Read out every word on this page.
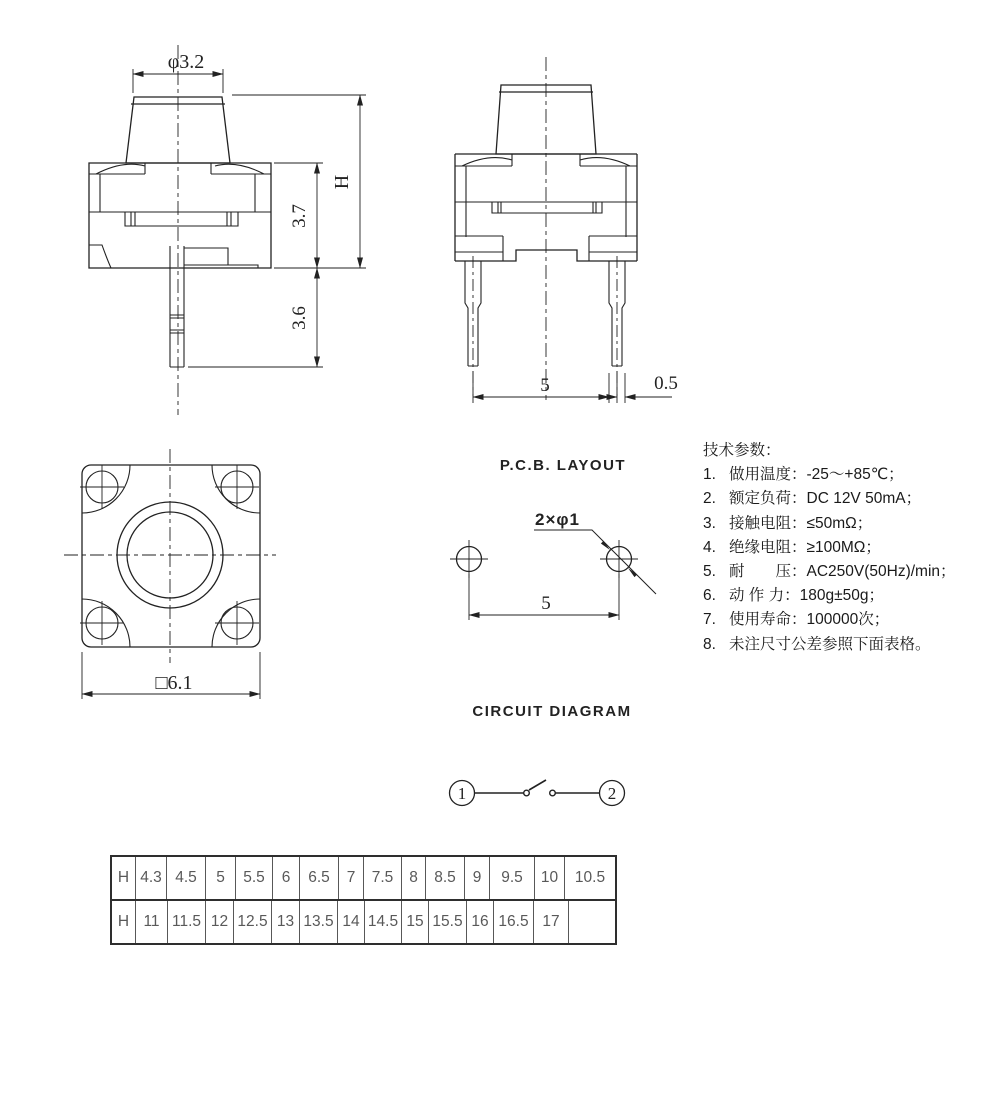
φ3.2
H
3.7
3.6
5	0.5
□6.1
P.C.B. LAYOUT
2×φ1
5
CIRCUIT DIAGRAM
1	2
技术参数：
1. 做用温度：-25～+85℃；
2. 额定负荷：DC 12V 50mA；
3. 接触电阻：≤50mΩ；
4. 绝缘电阻：≥100MΩ；
5. 耐　　压：AC250V(50Hz)/min；
6. 动 作 力：180g±50g；
7. 使用寿命：100000次；
8. 未注尺寸公差参照下面表格。
H 4.3 4.5	5	5.5	6	6.5	7	7.5	8	8.5	9	9.5	10	10.5
H 11 11.5 12 12.5 13 13.5 14 14.5 15 15.5 16 16.5 17
